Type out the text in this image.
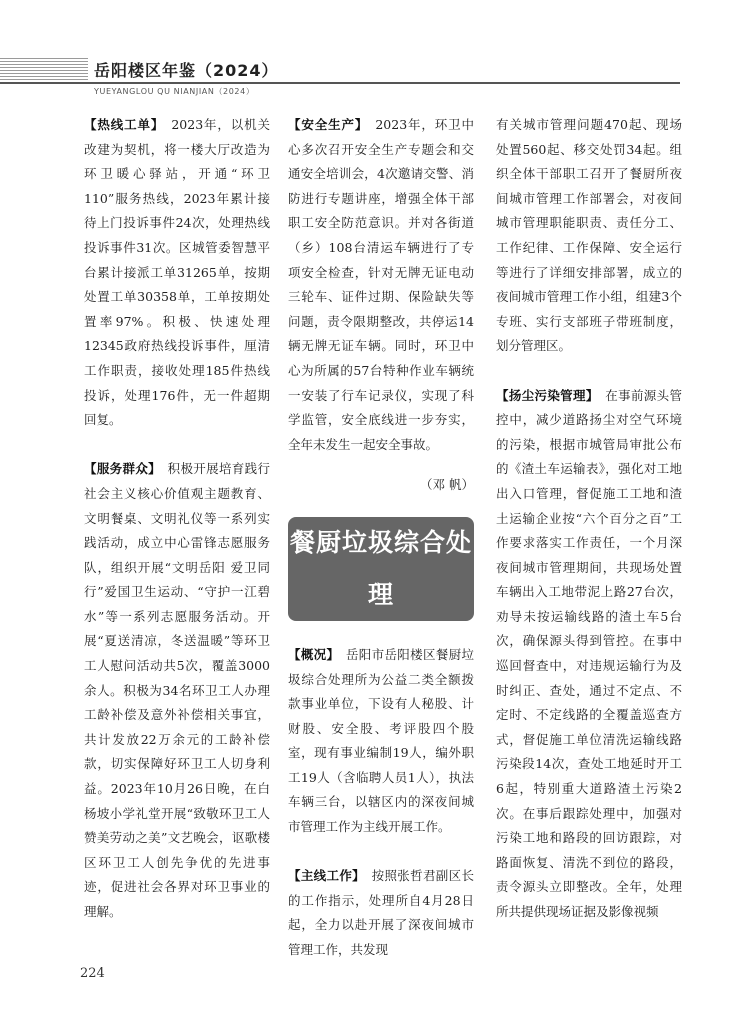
岳阳楼区年鉴（2024）
YUEYANGLOU QU NIANJIAN（2024）

【热线工单】　 2023年，以机关改建为契机，将一楼大厅改造为环卫暖心驿站，开通“环卫110”服务热线，2023年累计接待上门投诉事件24次，处理热线投诉事件31次。区城管委智慧平台累计接派工单31265单，按期处置工单30358单，工单按期处置率97%。积极、快速处理12345政府热线投诉事件，厘清工作职责，接收处理185件热线投诉，处理176件，无一件超期回复。

【服务群众】　 积极开展培育践行社会主义核心价值观主题教育、文明餐桌、文明礼仪等一系列实践活动，成立中心雷锋志愿服务队，组织开展“文明岳阳 爱卫同行”爱国卫生运动、“守护一江碧水”等一系列志愿服务活动。开展“夏送清凉，冬送温暖”等环卫工人慰问活动共5次，覆盖3000余人。积极为34名环卫工人办理工龄补偿及意外补偿相关事宜，共计发放22万余元的工龄补偿款，切实保障好环卫工人切身利益。2023年10月26日晚，在白杨坡小学礼堂开展“致敬环卫工人 赞美劳动之美”文艺晚会，讴歌楼区环卫工人创先争优的先进事迹，促进社会各界对环卫事业的理解。

【安全生产】　 2023年，环卫中心多次召开安全生产专题会和交通安全培训会，4次邀请交警、消防进行专题讲座，增强全体干部职工安全防范意识。并对各街道（乡）108台清运车辆进行了专项安全检查，针对无牌无证电动三轮车、证件过期、保险缺失等问题，责令限期整改，共停运14辆无牌无证车辆。同时，环卫中心为所属的57台特种作业车辆统一安装了行车记录仪，实现了科学监管，安全底线进一步夯实，全年未发生一起安全事故。

（邓 帆）
餐厨垃圾综合处理

【概况】　 岳阳市岳阳楼区餐厨垃圾综合处理所为公益二类全额拨款事业单位，下设有人秘股、计财股、安全股、考评股四个股室，现有事业编制19人，编外职工19人（含临聘人员1人），执法车辆三台，以辖区内的深夜间城市管理工作为主线开展工作。

【主线工作】　 按照张哲君副区长的工作指示，处理所自4月28日起，全力以赴开展了深夜间城市管理工作，共发现

有关城市管理问题470起、现场处置560起、移交处罚34起。组织全体干部职工召开了餐厨所夜间城市管理工作部署会，对夜间城市管理职能职责、责任分工、工作纪律、工作保障、安全运行等进行了详细安排部署，成立的夜间城市管理工作小组，组建3个专班、实行支部班子带班制度，划分管理区。

【扬尘污染管理】　 在事前源头管控中，减少道路扬尘对空气环境的污染，根据市城管局审批公布的《渣土车运输表》，强化对工地出入口管理，督促施工工地和渣土运输企业按“六个百分之百”工作要求落实工作责任，一个月深夜间城市管理期间，共现场处置车辆出入工地带泥上路27台次，劝导未按运输线路的渣土车5台次，确保源头得到管控。在事中巡回督查中，对违规运输行为及时纠正、查处，通过不定点、不定时、不定线路的全覆盖巡查方式，督促施工单位清洗运输线路污染段14次，查处工地延时开工6起，特别重大道路渣土污染2次。在事后跟踪处理中，加强对污染工地和路段的回访跟踪，对路面恢复、清洗不到位的路段，责令源头立即整改。全年，处理所共提供现场证据及影像视频

224
